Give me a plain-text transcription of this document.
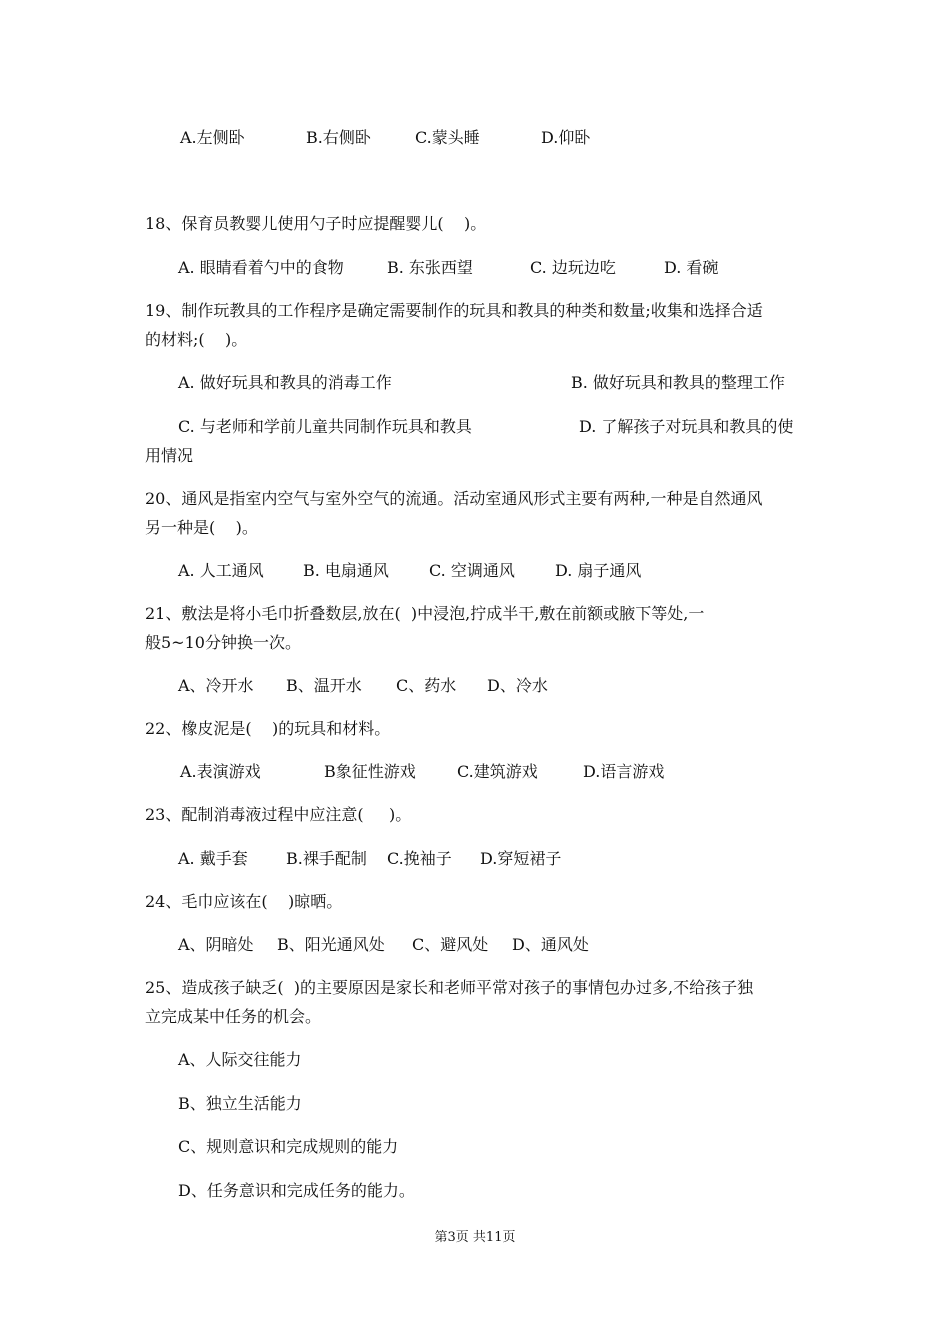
A.左侧卧	B.右侧卧	C.蒙头睡	D.仰卧
18、保育员教婴儿使用勺子时应提醒婴儿(    )。
A. 眼睛看着勺中的食物	B. 东张西望	C. 边玩边吃	D. 看碗
19、制作玩教具的工作程序是确定需要制作的玩具和教具的种类和数量;收集和选择合适
的材料;(    )。
A. 做好玩具和教具的消毒工作	B. 做好玩具和教具的整理工作
C. 与老师和学前儿童共同制作玩具和教具	D. 了解孩子对玩具和教具的使
用情况
20、通风是指室内空气与室外空气的流通。活动室通风形式主要有两种,一种是自然通风
另一种是(    )。
A. 人工通风 B. 电扇通风	C. 空调通风	D. 扇子通风
21、敷法是将小毛巾折叠数层,放在(  )中浸泡,拧成半干,敷在前额或腋下等处,一
般5~10分钟换一次。
A、冷开水 B、温开水 C、药水 D、冷水
22、橡皮泥是(    )的玩具和材料。
A.表演游戏	B象征性游戏	C.建筑游戏	D.语言游戏
23、配制消毒液过程中应注意(     )。
A. 戴手套 B.裸手配制 C.挽袖子 D.穿短裙子
24、毛巾应该在(    )晾晒。
A、阴暗处 B、阳光通风处 C、避风处 D、通风处
25、造成孩子缺乏(  )的主要原因是家长和老师平常对孩子的事情包办过多,不给孩子独
立完成某中任务的机会。
A、人际交往能力
B、独立生活能力
C、规则意识和完成规则的能力
D、任务意识和完成任务的能力。
第3页 共11页
